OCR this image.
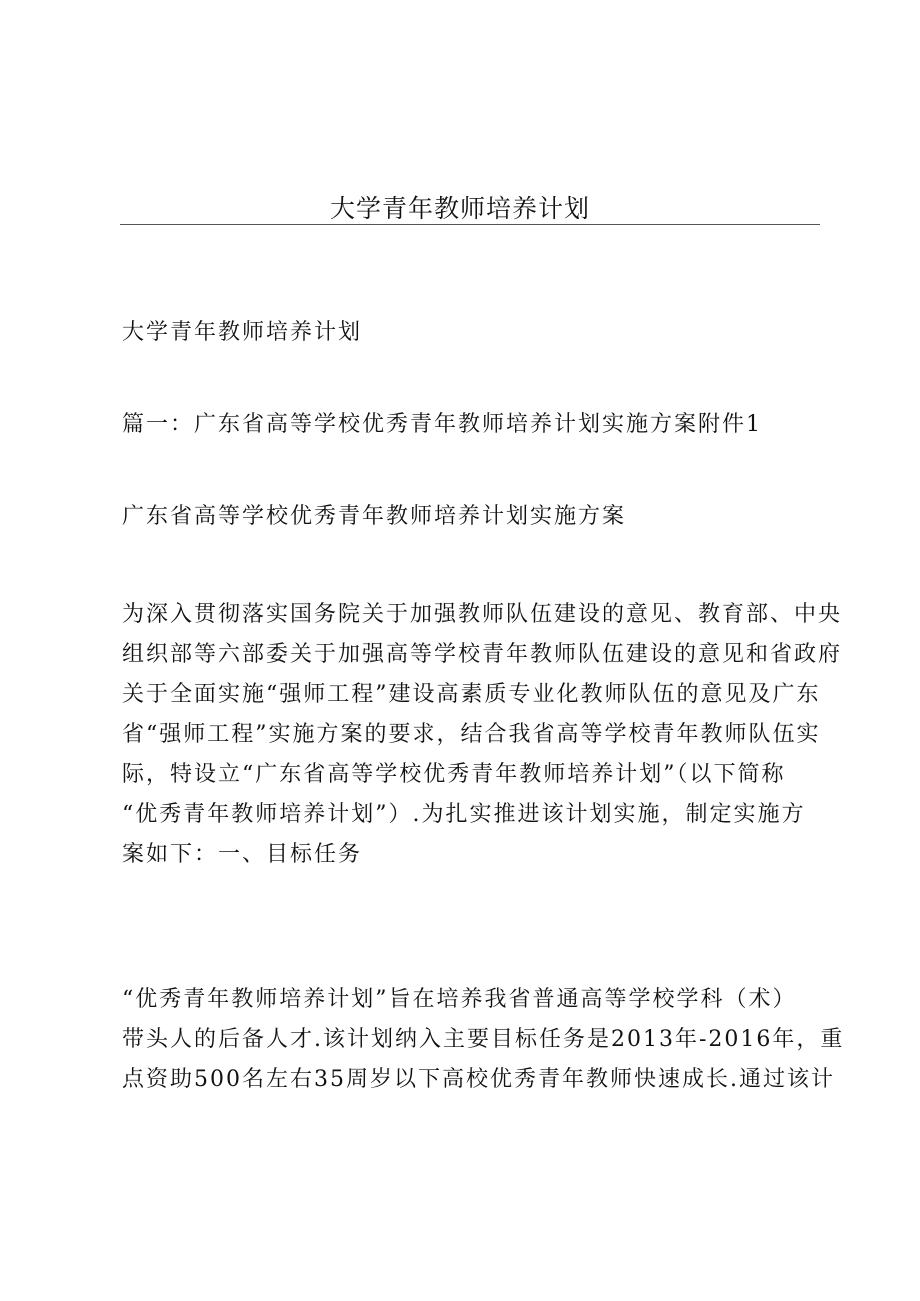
大学青年教师培养计划

大学青年教师培养计划

篇一：广东省高等学校优秀青年教师培养计划实施方案附件1

广东省高等学校优秀青年教师培养计划实施方案

为深入贯彻落实国务院关于加强教师队伍建设的意见、教育部、中央
组织部等六部委关于加强高等学校青年教师队伍建设的意见和省政府
关于全面实施“强师工程”建设高素质专业化教师队伍的意见及广东
省“强师工程”实施方案的要求，结合我省高等学校青年教师队伍实
际，特设立“广东省高等学校优秀青年教师培养计划”（以下简称
“优秀青年教师培养计划”）.为扎实推进该计划实施，制定实施方
案如下：一、目标任务
“优秀青年教师培养计划”旨在培养我省普通高等学校学科（术）
带头人的后备人才.该计划纳入主要目标任务是2013年-2016年，重
点资助500名左右35周岁以下高校优秀青年教师快速成长.通过该计
